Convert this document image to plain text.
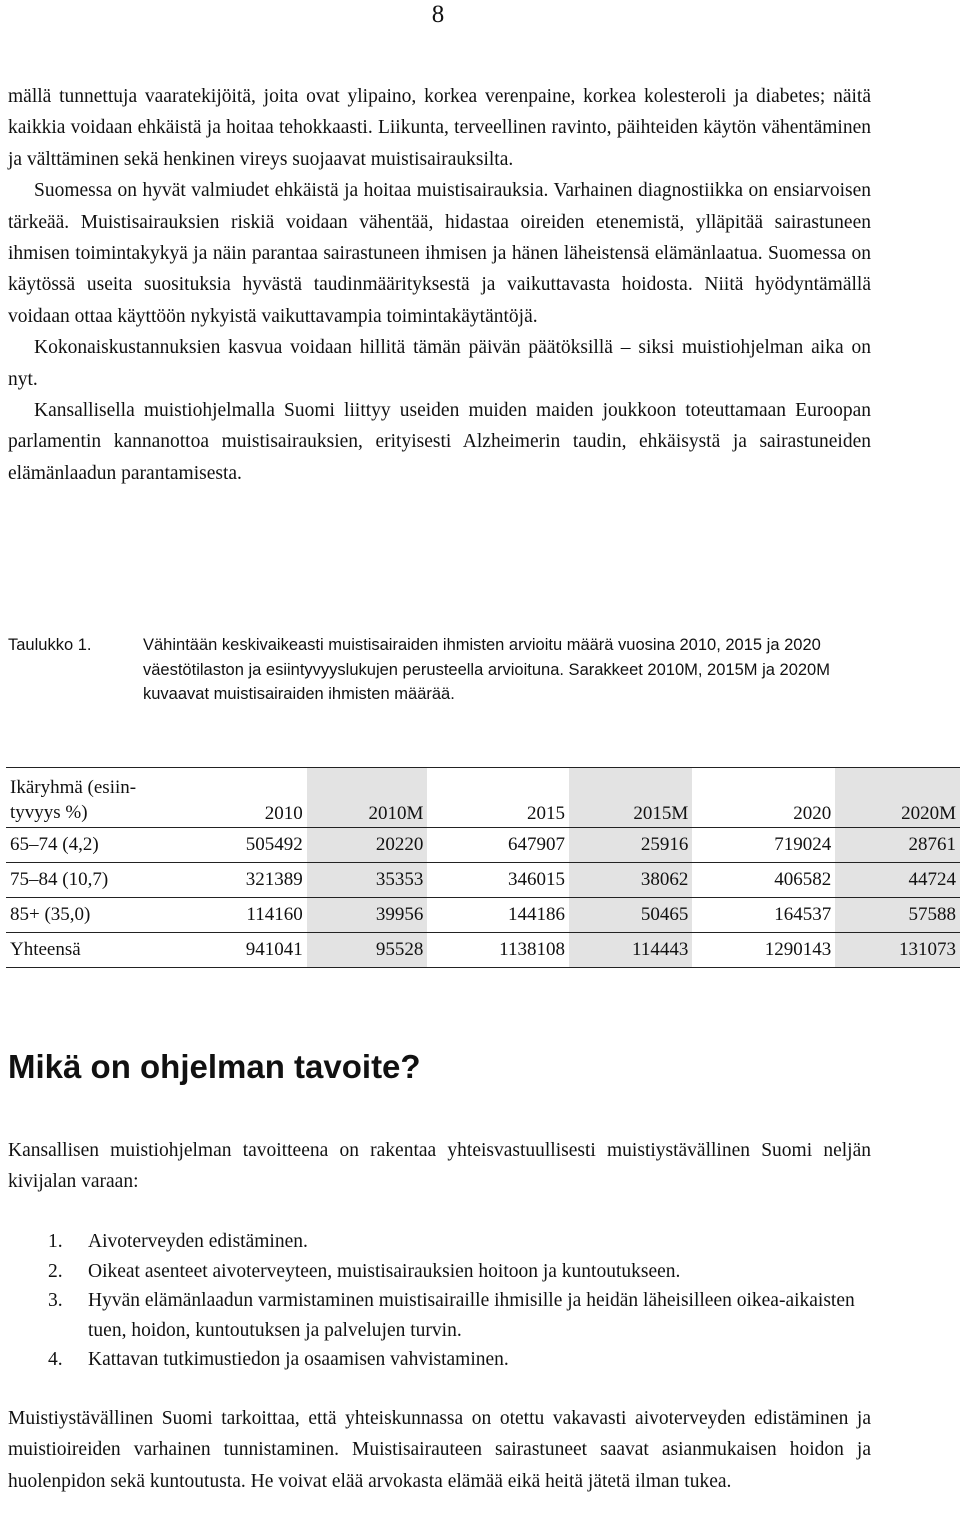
8

mällä tunnettuja vaaratekijöitä, joita ovat ylipaino, korkea verenpaine, korkea kolesteroli ja diabetes; näitä kaikkia voidaan ehkäistä ja hoitaa tehokkaasti. Liikunta, terveellinen ravinto, päihteiden käytön vähentäminen ja välttäminen sekä henkinen vireys suojaavat muistisairauksilta.

Suomessa on hyvät valmiudet ehkäistä ja hoitaa muistisairauksia. Varhainen diagnostiikka on ensiarvoisen tärkeää. Muistisairauksien riskiä voidaan vähentää, hidastaa oireiden etenemistä, ylläpitää sairastuneen ihmisen toimintakykyä ja näin parantaa sairastuneen ihmisen ja hänen läheistensä elämänlaatua. Suomessa on käytössä useita suosituksia hyvästä taudinmäärityksestä ja vaikuttavasta hoidosta. Niitä hyödyntämällä voidaan ottaa käyttöön nykyistä vaikuttavampia toimintakäytäntöjä.

Kokonaiskustannuksien kasvua voidaan hillitä tämän päivän päätöksillä – siksi muistiohjelman aika on nyt.

Kansallisella muistiohjelmalla Suomi liittyy useiden muiden maiden joukkoon toteuttamaan Euroopan parlamentin kannanottoa muistisairauksien, erityisesti Alzheimerin taudin, ehkäisystä ja sairastuneiden elämänlaadun parantamisesta.

Taulukko 1.	Vähintään keskivaikeasti muistisairaiden ihmisten arvioitu määrä vuosina 2010, 2015 ja 2020 väestötilaston ja esiintyvyyslukujen perusteella arvioituna. Sarakkeet 2010M, 2015M ja 2020M kuvaavat muistisairaiden ihmisten määrää.
Ikäryhmä (esiin-
tyvyys %)	2010	2010M	2015	2015M	2020	2020M
65–74 (4,2)	505492	20220	647907	25916	719024	28761
75–84 (10,7)	321389	35353	346015	38062	406582	44724
85+ (35,0)	114160	39956	144186	50465	164537	57588
Yhteensä	941041	95528	1138108	114443	1290143	131073
Mikä on ohjelman tavoite?

Kansallisen muistiohjelman tavoitteena on rakentaa yhteisvastuullisesti muistiystävällinen Suomi neljän kivijalan varaan:

1. Aivoterveyden edistäminen.
2. Oikeat asenteet aivoterveyteen, muistisairauksien hoitoon ja kuntoutukseen.
3. Hyvän elämänlaadun varmistaminen muistisairaille ihmisille ja heidän läheisilleen oikea-aikaisten tuen, hoidon, kuntoutuksen ja palvelujen turvin.
4. Kattavan tutkimustiedon ja osaamisen vahvistaminen.

Muistiystävällinen Suomi tarkoittaa, että yhteiskunnassa on otettu vakavasti aivoterveyden edistäminen ja muistioireiden varhainen tunnistaminen. Muistisairauteen sairastuneet saavat asianmukaisen hoidon ja huolenpidon sekä kuntoutusta. He voivat elää arvokasta elämää eikä heitä jätetä ilman tukea.
